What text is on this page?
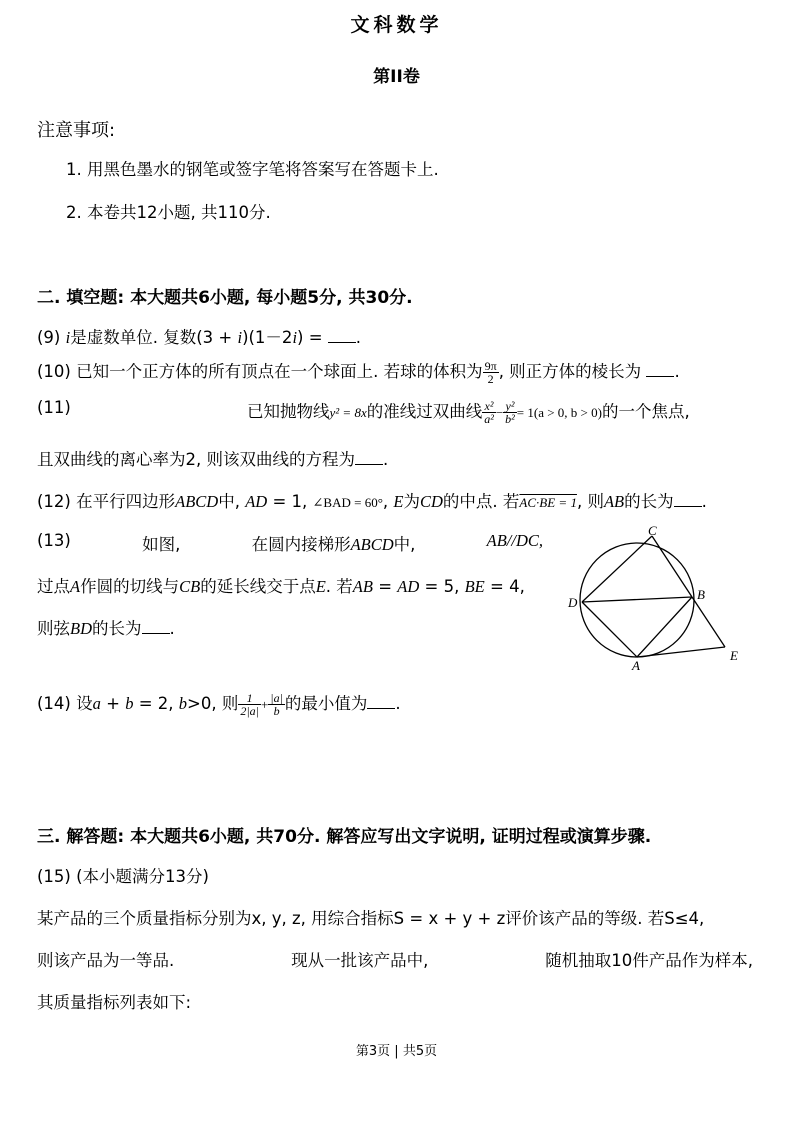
文科数学
第II卷
注意事项:
1. 用黑色墨水的钢笔或签字笔将答案写在答题卡上.
2. 本卷共12小题, 共110分.
二. 填空题: 本大题共6小题, 每小题5分, 共30分.
(9) i是虚数单位. 复数(3 + i)(1－2i) = .
(10) 已知一个正方体的所有顶点在一个球面上. 若球的体积为 $\frac{9\pi}{2}$ , 则正方体的棱长为 .
(11)	已知抛物线y² = 8x的准线过双曲线 $\frac{\text{x²}}{\text{a²}} - \frac{\text{y²}}{\text{b²}} = 1(a > 0$, b > 0)的一个焦点,
且双曲线的离心率为2, 则该双曲线的方程为 .
(12) 在平行四边形ABCD中, AD = 1, ∠BAD = 60°, E为CD的中点. 若AC·BE = 1, 则AB的长为 .
(13)	如图,	在圆内接梯形ABCD中,	AB//DC,
过点A作圆的切线与CB的延长线交于点E. 若AB = AD = 5, BE = 4,
则弦BD的长为 .
C
B
D
A
E
(14) 设a + b = 2, b>0, 则 $\frac{1}{2|a|} + \frac{|a|}{b}$ 的最小值为 .
三. 解答题: 本大题共6小题, 共70分. 解答应写出文字说明, 证明过程或演算步骤.
(15) (本小题满分13分)
某产品的三个质量指标分别为x, y, z, 用综合指标S = x + y + z评价该产品的等级. 若S≤4,
则该产品为一等品.	现从一批该产品中,	随机抽取10件产品作为样本,
其质量指标列表如下:
第3页 | 共5页
